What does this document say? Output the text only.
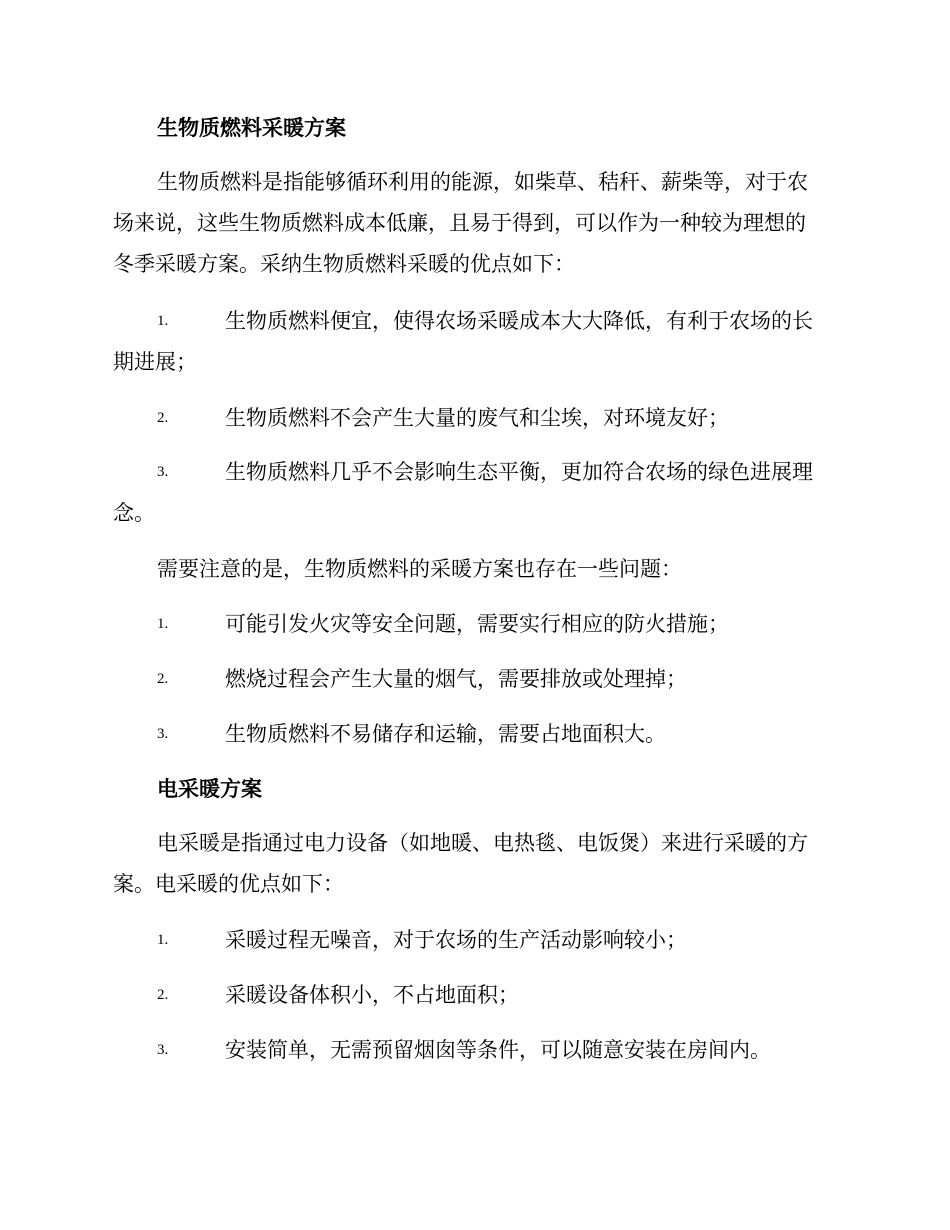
生物质燃料采暖方案

生物质燃料是指能够循环利用的能源，如柴草、秸秆、薪柴等，对于农
场来说，这些生物质燃料成本低廉，且易于得到，可以作为一种较为理想的
冬季采暖方案。采纳生物质燃料采暖的优点如下：

1.	生物质燃料便宜，使得农场采暖成本大大降低，有利于农场的长
期进展；
2.	生物质燃料不会产生大量的废气和尘埃，对环境友好；
3.	生物质燃料几乎不会影响生态平衡，更加符合农场的绿色进展理
念。

需要注意的是，生物质燃料的采暖方案也存在一些问题：

1.	可能引发火灾等安全问题，需要实行相应的防火措施；
2.	燃烧过程会产生大量的烟气，需要排放或处理掉；
3.	生物质燃料不易储存和运输，需要占地面积大。
电采暖方案

电采暖是指通过电力设备（如地暖、电热毯、电饭煲）来进行采暖的方
案。电采暖的优点如下：

1.	采暖过程无噪音，对于农场的生产活动影响较小；
2.	采暖设备体积小，不占地面积；
3.	安装简单，无需预留烟囱等条件，可以随意安装在房间内。
